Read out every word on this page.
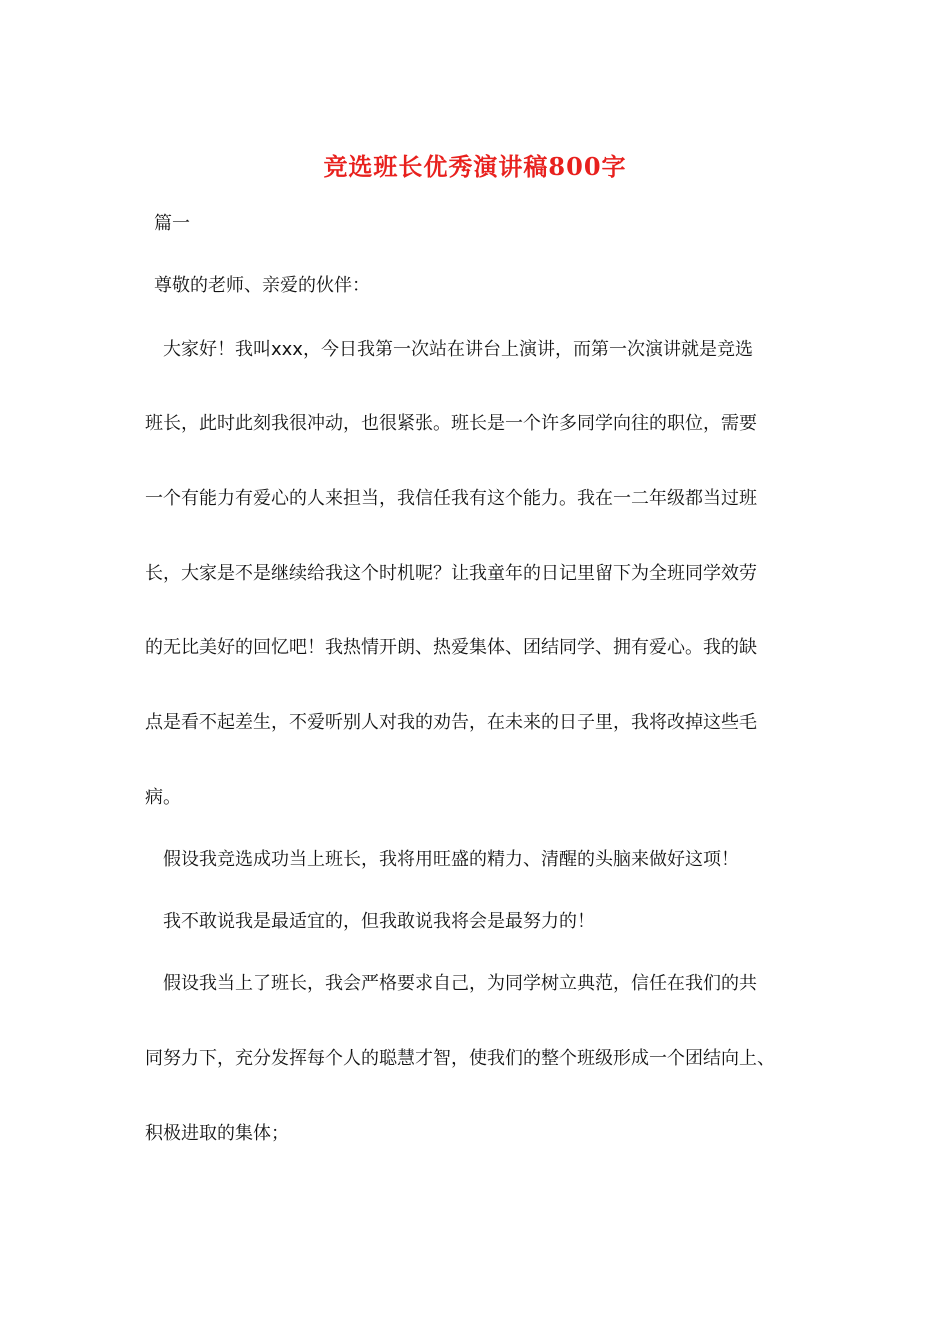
竞选班长优秀演讲稿800字
篇一
尊敬的老师、亲爱的伙伴：
大家好！我叫xxx，今日我第一次站在讲台上演讲，而第一次演讲就是竞选
班长，此时此刻我很冲动，也很紧张。班长是一个许多同学向往的职位，需要
一个有能力有爱心的人来担当，我信任我有这个能力。我在一二年级都当过班
长，大家是不是继续给我这个时机呢？让我童年的日记里留下为全班同学效劳
的无比美好的回忆吧！我热情开朗、热爱集体、团结同学、拥有爱心。我的缺
点是看不起差生，不爱听别人对我的劝告，在未来的日子里，我将改掉这些毛
病。
假设我竞选成功当上班长，我将用旺盛的精力、清醒的头脑来做好这项！
我不敢说我是最适宜的，但我敢说我将会是最努力的！
假设我当上了班长，我会严格要求自己，为同学树立典范，信任在我们的共
同努力下，充分发挥每个人的聪慧才智，使我们的整个班级形成一个团结向上、
积极进取的集体；
